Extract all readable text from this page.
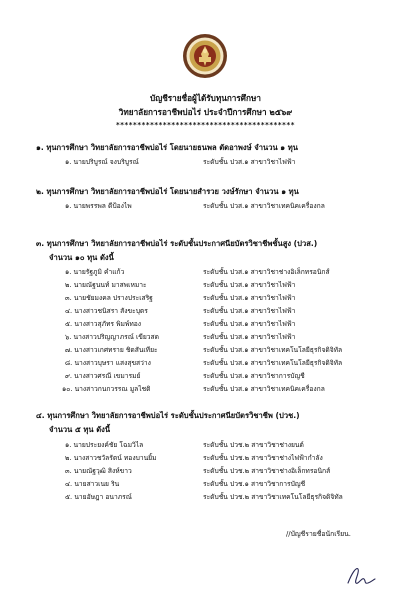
บัญชีรายชื่อผู้ได้รับทุนการศึกษา
วิทยาลัยการอาชีพบ่อไร่ ประจำปีการศึกษา ๒๕๖๙
******************************************
๑. ทุนการศึกษา วิทยาลัยการอาชีพบ่อไร่ โดยนายธนพล ตัดอาพงษ์ จำนวน ๑ ทุน
๑. นายปริบูรณ์ จงบริบูรณ์	ระดับชั้น ปวส.๑ สาขาวิชาไฟฟ้า
๒. ทุนการศึกษา วิทยาลัยการอาชีพบ่อไร่ โดยนายสำรวย วงษ์รักษา จำนวน ๑ ทุน
๑. นายพรรพล ดีป้องไพ	ระดับชั้น ปวส.๑ สาขาวิชาเทคนิคเครื่องกล
๓. ทุนการศึกษา วิทยาลัยการอาชีพบ่อไร่ ระดับชั้นประกาศนียบัตรวิชาชีพชั้นสูง (ปวส.)
จำนวน ๑๐ ทุน ดังนี้
๑. นายรัฐภูมิ คำแก้ว	ระดับชั้น ปวส.๑ สาขาวิชาช่างอิเล็กทรอนิกส์
๒. นายณัฐนนท์ มาสพเหมาะ	ระดับชั้น ปวส.๑ สาขาวิชาไฟฟ้า
๓. นายชัยมงคล ปรางประเสริฐ	ระดับชั้น ปวส.๑ สาขาวิชาไฟฟ้า
๔. นางสาวชนิสรา สังขะบุตร	ระดับชั้น ปวส.๑ สาขาวิชาไฟฟ้า
๕. นางสาวสุภัทร พิมพ์ทอง	ระดับชั้น ปวส.๑ สาขาวิชาไฟฟ้า
๖. นางสาวปริญญาภรณ์ เขียวสด	ระดับชั้น ปวส.๑ สาขาวิชาไฟฟ้า
๗. นางสาวเกศทราย ชิดสันเทียะ	ระดับชั้น ปวส.๑ สาขาวิชาเทคโนโลยีธุรกิจดิจิทัล
๘. นางสาวบุษรา แสงสุขสว่าง	ระดับชั้น ปวส.๑ สาขาวิชาเทคโนโลยีธุรกิจดิจิทัล
๙. นางสาวศรณี เขมารมย์	ระดับชั้น ปวส.๑ สาขาวิชาการบัญชี
๑๐. นางสาวกนกวรรณ มูลไชติ	ระดับชั้น ปวส.๑ สาขาวิชาเทคนิคเครื่องกล
๔. ทุนการศึกษา วิทยาลัยการอาชีพบ่อไร่ ระดับชั้นประกาศนียบัตรวิชาชีพ (ปวช.)
จำนวน ๕ ทุน ดังนี้
๑. นายประยงค์ชัย โฉมวิไล	ระดับชั้น ปวช.๒ สาขาวิชาช่างยนต์
๒. นางสาวชวัลรัตน์ ทองบานยิ้ม	ระดับชั้น ปวช.๒ สาขาวิชาช่างไฟฟ้ากำลัง
๓. นายณัฐวุฒิ สิงห์ขาว	ระดับชั้น ปวช.๒ สาขาวิชาช่างอิเล็กทรอนิกส์
๔. นายสาวเนย ริน	ระดับชั้น ปวช.๑ สาขาวิชาการบัญชี
๕. นายอัษฎา อนาภรณ์	ระดับชั้น ปวช.๒ สาขาวิชาเทคโนโลยีธุรกิจดิจิทัล
//บัญชีรายชื่อนักเรียน.
